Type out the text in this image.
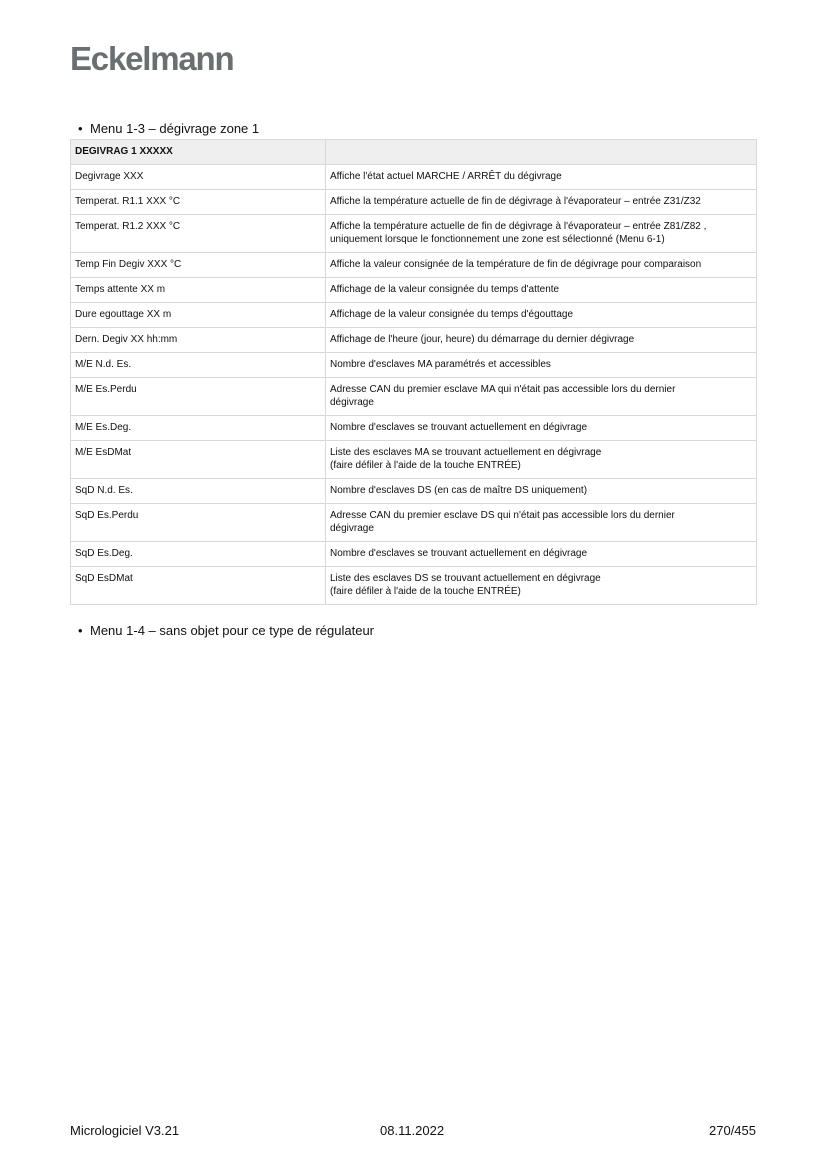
Eckelmann
• Menu 1-3 – dégivrage zone 1
DEGIVRAG 1 XXXXX	
Degivrage XXX	Affiche l'état actuel MARCHE / ARRÊT du dégivrage

Temperat. R1.1 XXX °C	Affiche la température actuelle de fin de dégivrage à l'évaporateur – entrée Z31/Z32

Temperat. R1.2 XXX °C	Affiche la température actuelle de fin de dégivrage à l'évaporateur – entrée Z81/Z82 ,
uniquement lorsque le fonctionnement une zone est sélectionné (Menu 6-1)

Temp Fin Degiv XXX °C	Affiche la valeur consignée de la température de fin de dégivrage pour comparaison

Temps attente XX m	Affichage de la valeur consignée du temps d'attente

Dure egouttage XX m	Affichage de la valeur consignée du temps d'égouttage

Dern. Degiv XX hh:mm	Affichage de l'heure (jour, heure) du démarrage du dernier dégivrage

M/E N.d. Es.	Nombre d'esclaves MA paramétrés et accessibles

M/E Es.Perdu	Adresse CAN du premier esclave MA qui n'était pas accessible lors du dernier
dégivrage

M/E Es.Deg.	Nombre d'esclaves se trouvant actuellement en dégivrage

M/E EsDMat	Liste des esclaves MA se trouvant actuellement en dégivrage
(faire défiler à l'aide de la touche ENTRÉE)

SqD N.d. Es.	Nombre d'esclaves DS (en cas de maître DS uniquement)

SqD Es.Perdu	Adresse CAN du premier esclave DS qui n'était pas accessible lors du dernier
dégivrage

SqD Es.Deg.	Nombre d'esclaves se trouvant actuellement en dégivrage

SqD EsDMat	Liste des esclaves DS se trouvant actuellement en dégivrage
(faire défiler à l'aide de la touche ENTRÉE)
• Menu 1-4 – sans objet pour ce type de régulateur
Micrologiciel V3.21	08.11.2022	270/455
